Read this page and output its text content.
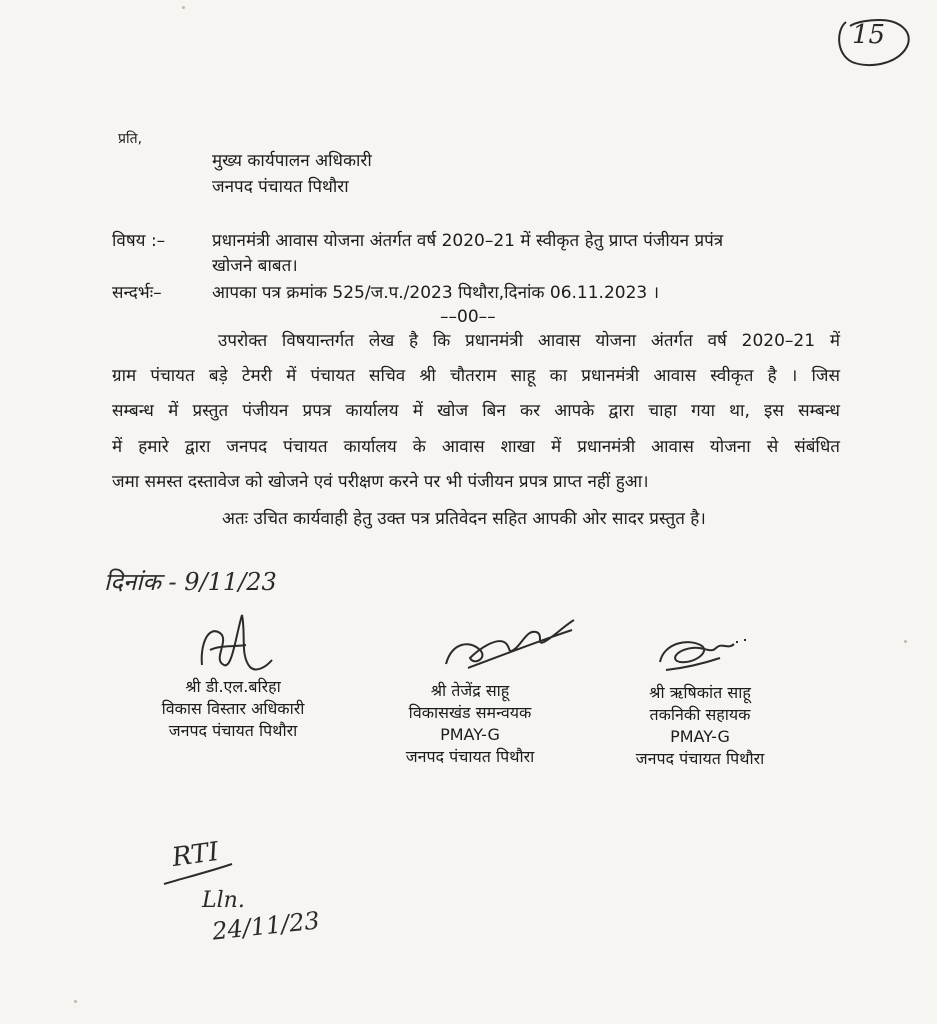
15
प्रति,
मुख्य कार्यपालन अधिकारी
जनपद पंचायत पिथौरा
विषय :–	प्रधानमंत्री आवास योजना अंतर्गत वर्ष 2020–21 में स्वीकृत हेतु प्राप्त पंजीयन प्रपंत्र
खोजने बाबत।
सन्दर्भः–	आपका पत्र क्रमांक 525/ज.प./2023 पिथौरा,दिनांक 06.11.2023 ।
––00––
उपरोक्त विषयान्तर्गत लेख है कि प्रधानमंत्री आवास योजना अंतर्गत वर्ष 2020–21 में
ग्राम पंचायत बड़े टेमरी में पंचायत सचिव श्री चौतराम साहू का प्रधानमंत्री आवास स्वीकृत है । जिस
सम्बन्ध में प्रस्तुत पंजीयन प्रपत्र कार्यालय में खोज बिन कर आपके द्वारा चाहा गया था, इस सम्बन्ध
में हमारे द्वारा जनपद पंचायत कार्यालय के आवास शाखा में प्रधानमंत्री आवास योजना से संबंधित
जमा समस्त दस्तावेज को खोजने एवं परीक्षण करने पर भी पंजीयन प्रपत्र प्राप्त नहीं हुआ।
अतः उचित कार्यवाही हेतु उक्त पत्र प्रतिवेदन सहित आपकी ओर सादर प्रस्तुत है।
दिनांक - 9/11/23
श्री डी.एल.बरिहा
विकास विस्तार अधिकारी
जनपद पंचायत पिथौरा
श्री तेजेंद्र साहू
विकासखंड समन्वयक
PMAY-G
जनपद पंचायत पिथौरा
श्री ऋषिकांत साहू
तकनिकी सहायक
PMAY-G
जनपद पंचायत पिथौरा
RTI
Lln.
24/11/23
